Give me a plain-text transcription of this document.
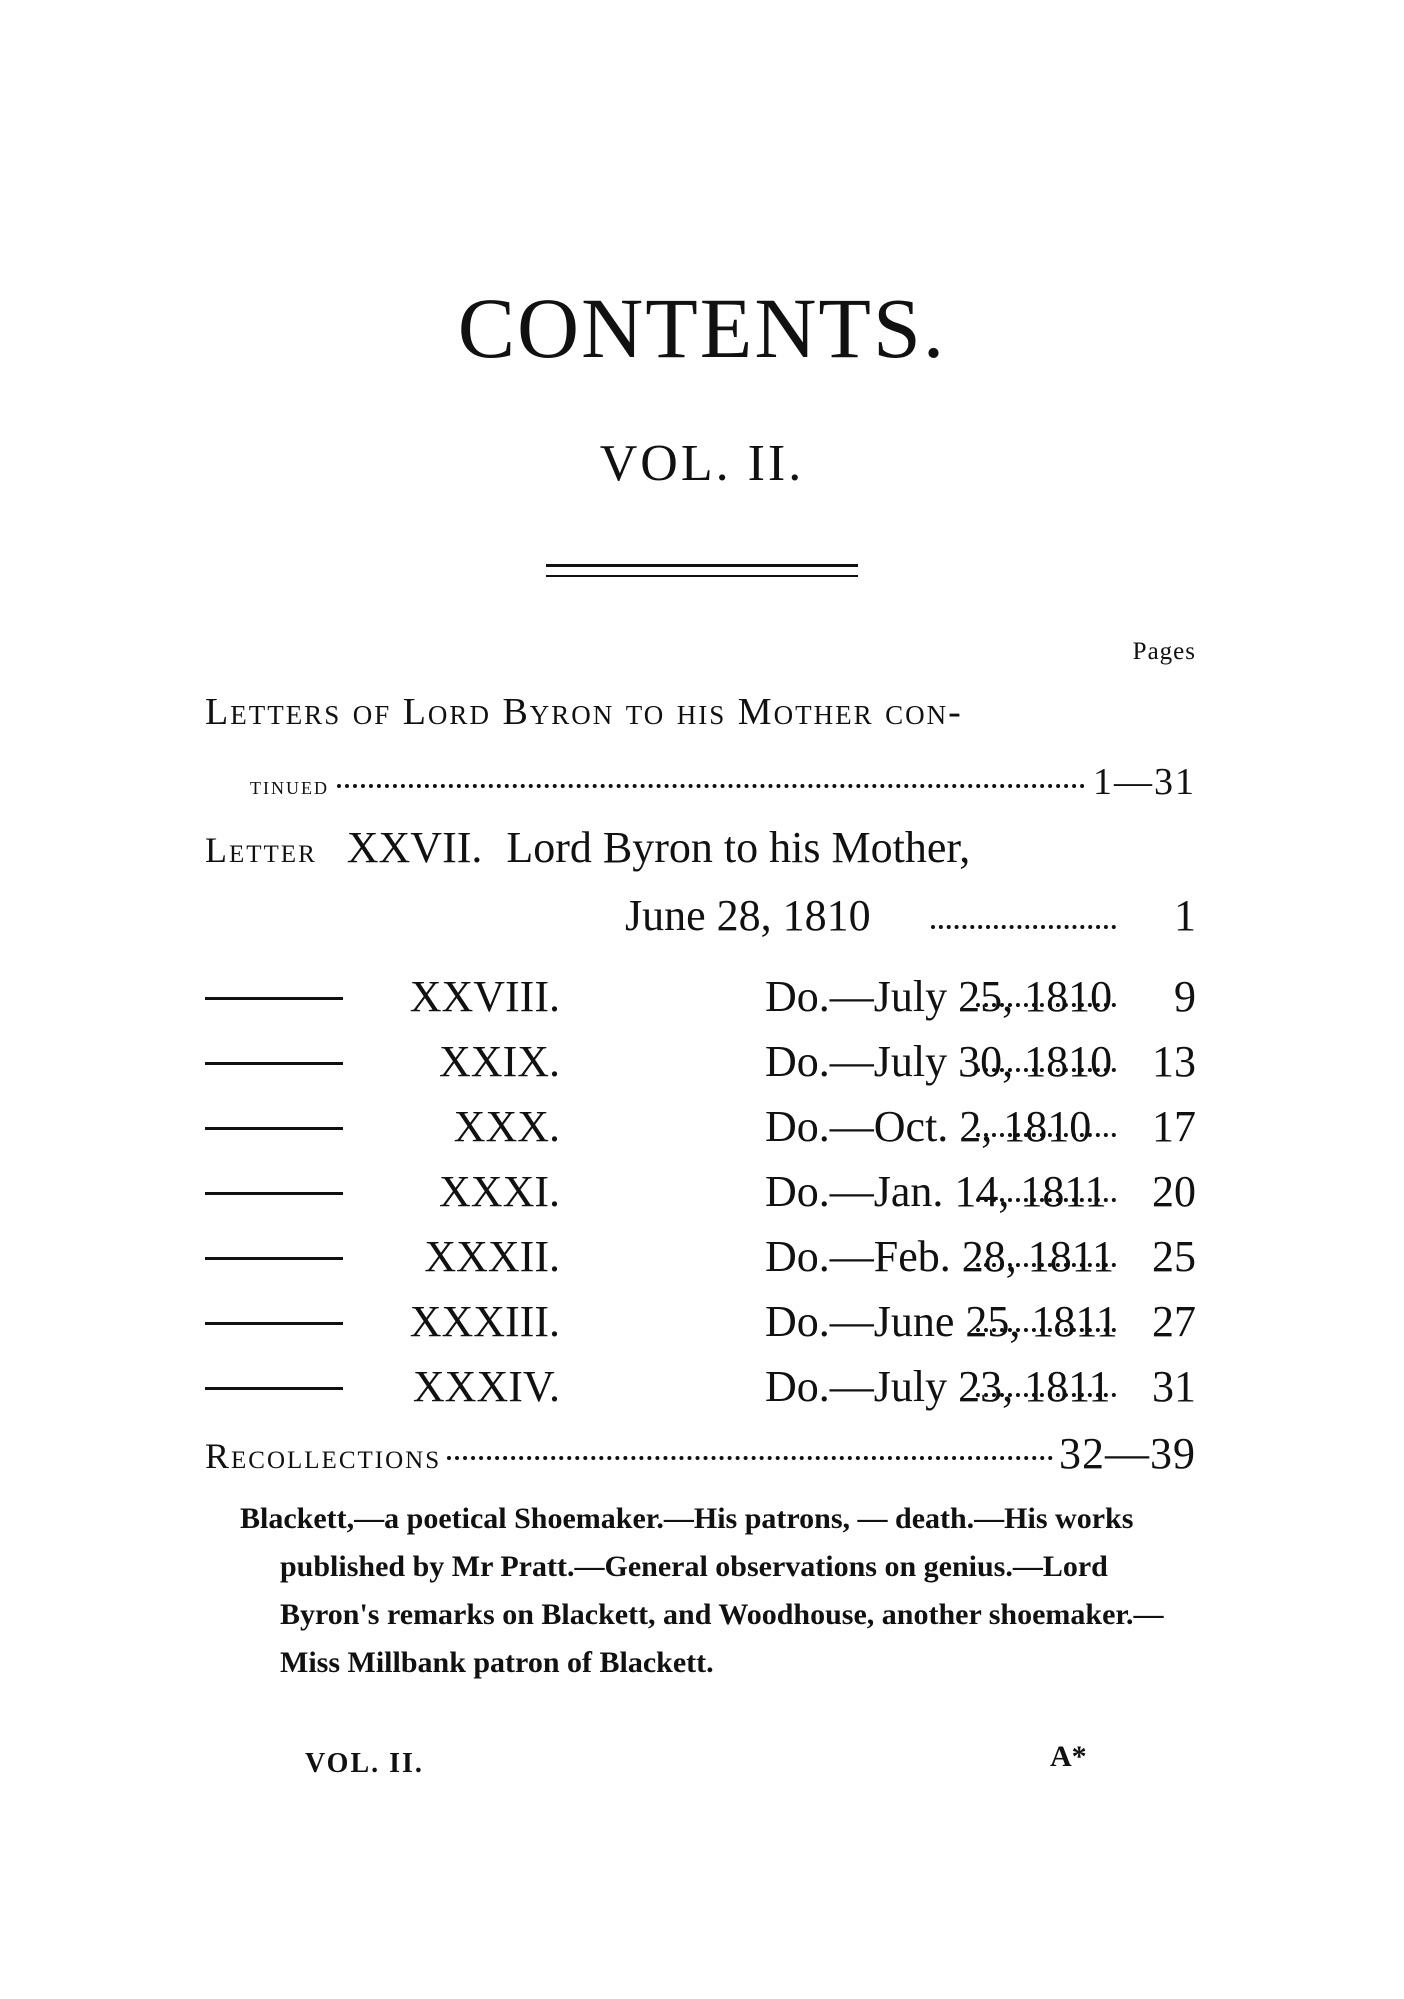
CONTENTS.
VOL. II.
Pages
Letters of Lord Byron to his Mother con-
tinued	1—31
Letter XXVII. Lord Byron to his Mother,
June 28, 1810	1
XXVIII.	Do.—July 25, 1810 9
XXIX.	Do.—July 30, 1810 13
XXX.	Do.—Oct. 2, 1810 17
XXXI.	Do.—Jan. 14, 1811 20
XXXII.	Do.—Feb. 28, 1811 25
XXXIII.	Do.—June 25, 1811 27
XXXIV.	Do.—July 23, 1811 31
Recollections	32—39

Blackett,—a poetical Shoemaker.—His patrons, — death.—His works published by Mr Pratt.—General observations on genius.—Lord Byron's remarks on Blackett, and Woodhouse, another shoemaker.—Miss Millbank patron of Blackett.

VOL. II.	A*
